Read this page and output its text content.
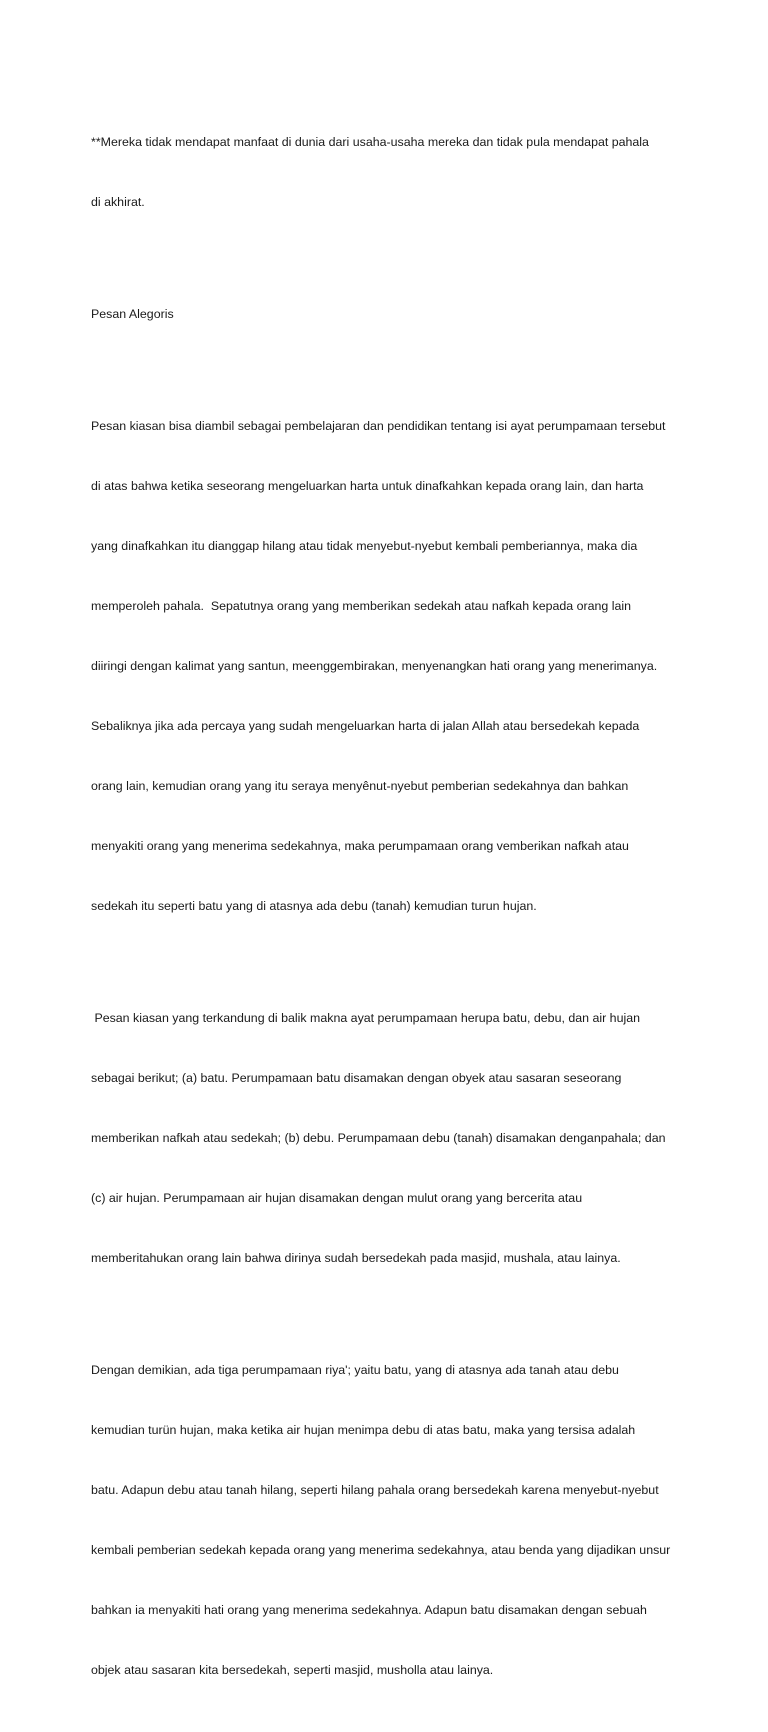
**Mereka tidak mendapat manfaat di dunia dari usaha-usaha mereka dan tidak pula mendapat pahala

di akhirat.

Pesan Alegoris

Pesan kiasan bisa diambil sebagai pembelajaran dan pendidikan tentang isi ayat perumpamaan tersebut

di atas bahwa ketika seseorang mengeluarkan harta untuk dinafkahkan kepada orang lain, dan harta

yang dinafkahkan itu dianggap hilang atau tidak menyebut-nyebut kembali pemberiannya, maka dia

memperoleh pahala.  Sepatutnya orang yang memberikan sedekah atau nafkah kepada orang lain

diiringi dengan kalimat yang santun, meenggembirakan, menyenangkan hati orang yang menerimanya.

Sebaliknya jika ada percaya yang sudah mengeluarkan harta di jalan Allah atau bersedekah kepada

orang lain, kemudian orang yang itu seraya menyênut-nyebut pemberian sedekahnya dan bahkan

menyakiti orang yang menerima sedekahnya, maka perumpamaan orang vemberikan nafkah atau

sedekah itu seperti batu yang di atasnya ada debu (tanah) kemudian turun hujan.

Pesan kiasan yang terkandung di balik makna ayat perumpamaan herupa batu, debu, dan air hujan

sebagai berikut; (a) batu. Perumpamaan batu disamakan dengan obyek atau sasaran seseorang

memberikan nafkah atau sedekah; (b) debu. Perumpamaan debu (tanah) disamakan denganpahala; dan

(c) air hujan. Perumpamaan air hujan disamakan dengan mulut orang yang bercerita atau

memberitahukan orang lain bahwa dirinya sudah bersedekah pada masjid, mushala, atau lainya.

Dengan demikian, ada tiga perumpamaan riya'; yaitu batu, yang di atasnya ada tanah atau debu

kemudian turün hujan, maka ketika air hujan menimpa debu di atas batu, maka yang tersisa adalah

batu. Adapun debu atau tanah hilang, seperti hilang pahala orang bersedekah karena menyebut-nyebut

kembali pemberian sedekah kepada orang yang menerima sedekahnya, atau benda yang dijadikan unsur

bahkan ia menyakiti hati orang yang menerima sedekahnya. Adapun batu disamakan dengan sebuah

objek atau sasaran kita bersedekah, seperti masjid, musholla atau lainya.
